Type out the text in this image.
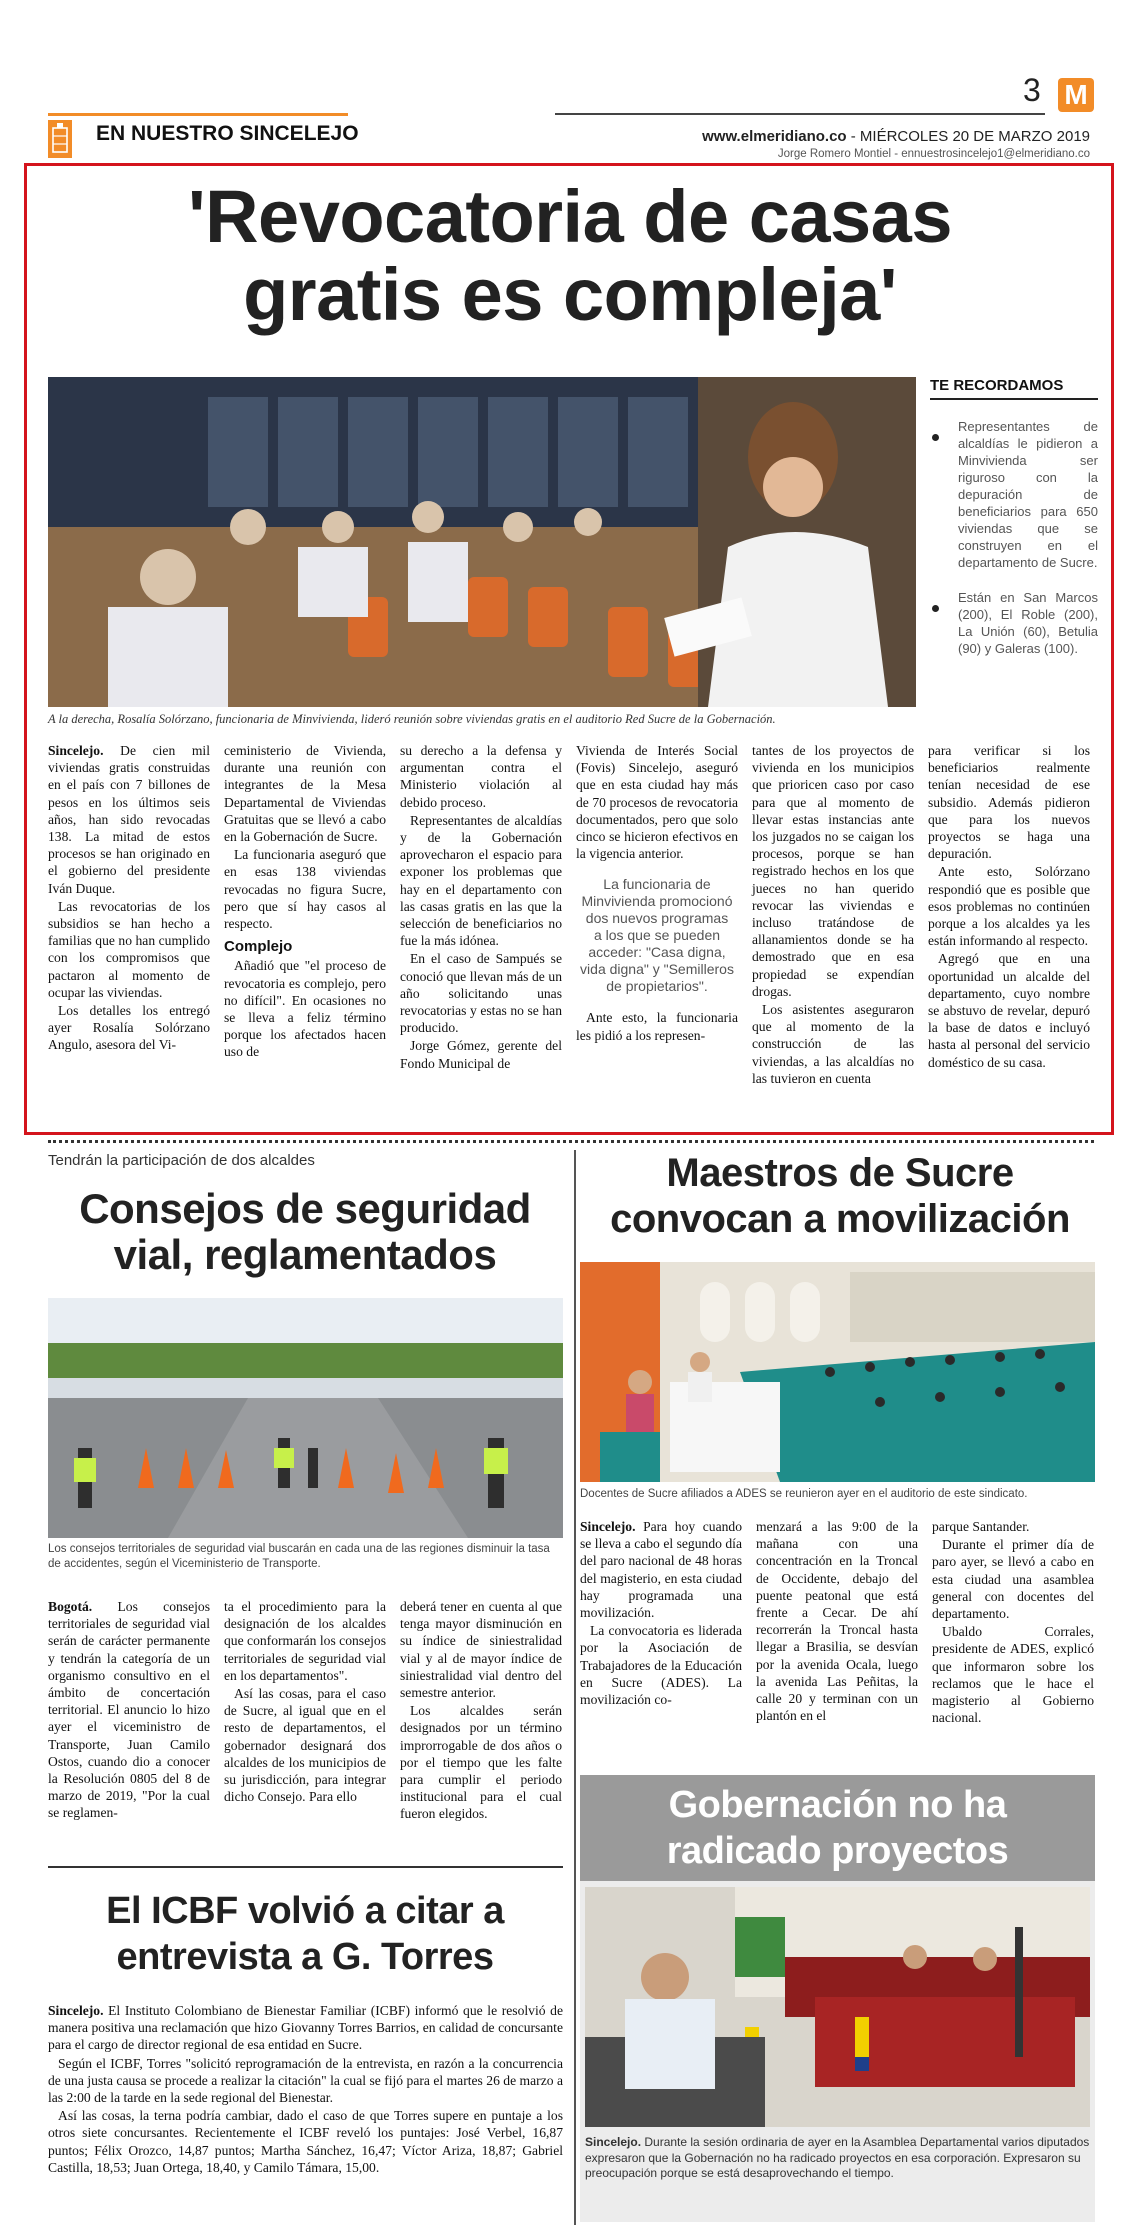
EN NUESTRO SINCELEJO
3 M
www.elmeridiano.co - MIÉRCOLES 20 DE MARZO 2019
Jorge Romero Montiel - ennuestrosincelejo1@elmeridiano.co
'Revocatoria de casas
gratis es compleja'
A la derecha, Rosalía Solórzano, funcionaria de Minvivienda, lideró reunión sobre viviendas gratis en el auditorio Red Sucre de la Gobernación.
TE RECORDAMOS
Representantes de alcaldías le pidieron a Minvivienda ser riguroso con la depuración de beneficiarios para 650 viviendas que se construyen en el departamento de Sucre.
Están en San Marcos (200), El Roble (200), La Unión (60), Betulia (90) y Galeras (100).

Sincelejo. De cien mil viviendas gratis construidas en el país con 7 billones de pesos en los últimos seis años, han sido revocadas 138. La mitad de estos procesos se han originado en el gobierno del presidente Iván Duque.

Las revocatorias de los subsidios se han hecho a familias que no han cumplido con los compromisos que pactaron al momento de ocupar las viviendas.

Los detalles los entregó ayer Rosalía Solórzano Angulo, asesora del Vi-

ceministerio de Vivienda, durante una reunión con integrantes de la Mesa Departamental de Viviendas Gratuitas que se llevó a cabo en la Gobernación de Sucre.

La funcionaria aseguró que en esas 138 viviendas revocadas no figura Sucre, pero que sí hay casos al respecto.

Complejo

Añadió que "el proceso de revocatoria es complejo, pero no difícil". En ocasiones no se lleva a feliz término porque los afectados hacen uso de

su derecho a la defensa y argumentan contra el Ministerio violación al debido proceso.

Representantes de alcaldías y de la Gobernación aprovecharon el espacio para exponer los problemas que hay en el departamento con las casas gratis en las que la selección de beneficiarios no fue la más idónea.

En el caso de Sampués se conoció que llevan más de un año solicitando unas revocatorias y estas no se han producido.

Jorge Gómez, gerente del Fondo Municipal de

Vivienda de Interés Social (Fovis) Sincelejo, aseguró que en esta ciudad hay más de 70 procesos de revocatoria documentados, pero que solo cinco se hicieron efectivos en la vigencia anterior.

La funcionaria de Minvivienda promocionó dos nuevos programas a los que se pueden acceder: "Casa digna, vida digna" y "Semilleros de propietarios".

Ante esto, la funcionaria les pidió a los represen-

tantes de los proyectos de vivienda en los municipios que prioricen caso por caso para que al momento de llevar estas instancias ante los juzgados no se caigan los procesos, porque se han registrado hechos en los que jueces no han querido revocar las viviendas e incluso tratándose de allanamientos donde se ha demostrado que en esa propiedad se expendían drogas.

Los asistentes aseguraron que al momento de la construcción de las viviendas, a las alcaldías no las tuvieron en cuenta

para verificar si los beneficiarios realmente tenían necesidad de ese subsidio. Además pidieron que para los nuevos proyectos se haga una depuración.

Ante esto, Solórzano respondió que es posible que esos problemas no continúen porque a los alcaldes ya les están informando al respecto.

Agregó que en una oportunidad un alcalde del departamento, cuyo nombre se abstuvo de revelar, depuró la base de datos e incluyó hasta al personal del servicio doméstico de su casa.

Tendrán la participación de dos alcaldes
Consejos de seguridad
vial, reglamentados
Los consejos territoriales de seguridad vial buscarán en cada una de las regiones disminuir la tasa de accidentes, según el Viceministerio de Transporte.

Bogotá. Los consejos territoriales de seguridad vial serán de carácter permanente y tendrán la categoría de un organismo consultivo en el ámbito de concertación territorial. El anuncio lo hizo ayer el viceministro de Transporte, Juan Camilo Ostos, cuando dio a conocer la Resolución 0805 del 8 de marzo de 2019, "Por la cual se reglamen-

ta el procedimiento para la designación de los alcaldes que conformarán los consejos territoriales de seguridad vial en los departamentos".

Así las cosas, para el caso de Sucre, al igual que en el resto de departamentos, el gobernador designará dos alcaldes de los municipios de su jurisdicción, para integrar dicho Consejo. Para ello

deberá tener en cuenta al que tenga mayor disminución en su índice de siniestralidad vial y al de mayor índice de siniestralidad vial dentro del semestre anterior.

Los alcaldes serán designados por un término improrrogable de dos años o por el tiempo que les falte para cumplir el periodo institucional para el cual fueron elegidos.

El ICBF volvió a citar a
entrevista a G. Torres

Sincelejo. El Instituto Colombiano de Bienestar Familiar (ICBF) informó que le resolvió de manera positiva una reclamación que hizo Giovanny Torres Barrios, en calidad de concursante para el cargo de director regional de esa entidad en Sucre.

Según el ICBF, Torres "solicitó reprogramación de la entrevista, en razón a la concurrencia de una justa causa se procede a realizar la citación" la cual se fijó para el martes 26 de marzo a las 2:00 de la tarde en la sede regional del Bienestar.

Así las cosas, la terna podría cambiar, dado el caso de que Torres supere en puntaje a los otros siete concursantes. Recientemente el ICBF reveló los puntajes: José Verbel, 16,87 puntos; Félix Orozco, 14,87 puntos; Martha Sánchez, 16,47; Víctor Ariza, 18,87; Gabriel Castilla, 18,53; Juan Ortega, 18,40, y Camilo Támara, 15,00.

Maestros de Sucre
convocan a movilización
Docentes de Sucre afiliados a ADES se reunieron ayer en el auditorio de este sindicato.

Sincelejo. Para hoy cuando se lleva a cabo el segundo día del paro nacional de 48 horas del magisterio, en esta ciudad hay programada una movilización.

La convocatoria es liderada por la Asociación de Trabajadores de la Educación en Sucre (ADES). La movilización co-

menzará a las 9:00 de la mañana con una concentración en la Troncal de Occidente, debajo del puente peatonal que está frente a Cecar. De ahí recorrerán la Troncal hasta llegar a Brasilia, se desvían por la avenida Ocala, luego la avenida Las Peñitas, la calle 20 y terminan con un plantón en el

parque Santander.

Durante el primer día de paro ayer, se llevó a cabo en esta ciudad una asamblea general con docentes del departamento.

Ubaldo Corrales, presidente de ADES, explicó que informaron sobre los reclamos que le hace el magisterio al Gobierno nacional.

Gobernación no ha
radicado proyectos
Sincelejo. Durante la sesión ordinaria de ayer en la Asamblea Departamental varios diputados expresaron que la Gobernación no ha radicado proyectos en esa corporación. Expresaron su preocupación porque se está desaprovechando el tiempo.
